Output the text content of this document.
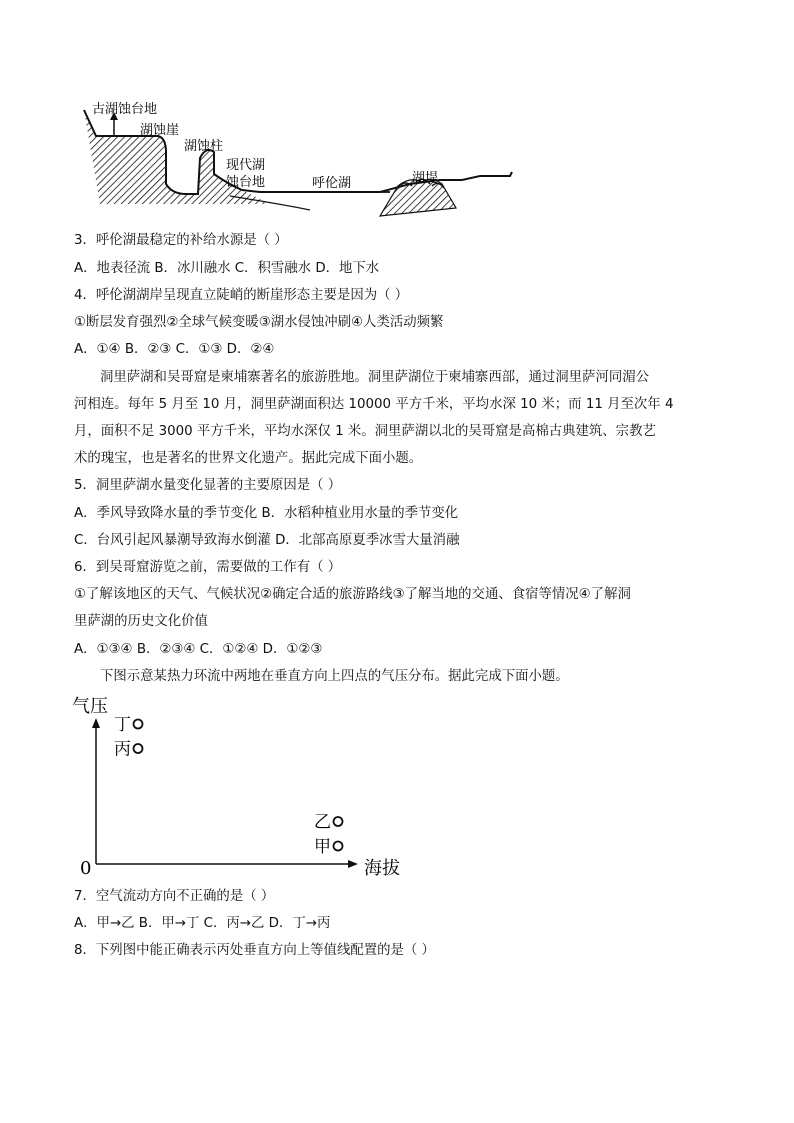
古湖蚀台地
湖蚀崖
湖蚀柱
现代湖
蚀台地	呼伦湖	湖堤
3．呼伦湖最稳定的补给水源是（ ）
A．地表径流 B．冰川融水 C．积雪融水 D．地下水
4．呼伦湖湖岸呈现直立陡峭的断崖形态主要是因为（ ）
①断层发育强烈②全球气候变暖③湖水侵蚀冲刷④人类活动频繁
A．①④ B．②③ C．①③ D．②④
洞里萨湖和吴哥窟是柬埔寨著名的旅游胜地。洞里萨湖位于柬埔寨西部，通过洞里萨河同湄公
河相连。每年 5 月至 10 月，洞里萨湖面积达 10000 平方千米，平均水深 10 米；而 11 月至次年 4
月，面积不足 3000 平方千米，平均水深仅 1 米。洞里萨湖以北的吴哥窟是高棉古典建筑、宗教艺
术的瑰宝，也是著名的世界文化遗产。据此完成下面小题。
5．洞里萨湖水量变化显著的主要原因是（ ）
A．季风导致降水量的季节变化 B．水稻种植业用水量的季节变化
C．台风引起风暴潮导致海水倒灌 D．北部高原夏季冰雪大量消融
6．到吴哥窟游览之前，需要做的工作有（ ）
①了解该地区的天气、气候状况②确定合适的旅游路线③了解当地的交通、食宿等情况④了解洞
里萨湖的历史文化价值
A．①③④ B．②③④ C．①②④ D．①②③
下图示意某热力环流中两地在垂直方向上四点的气压分布。据此完成下面小题。
气压
0	海拔
丁
丙
乙
甲
7．空气流动方向不正确的是（ ）
A．甲→乙 B．甲→丁 C．丙→乙 D．丁→丙
8．下列图中能正确表示丙处垂直方向上等值线配置的是（ ）
